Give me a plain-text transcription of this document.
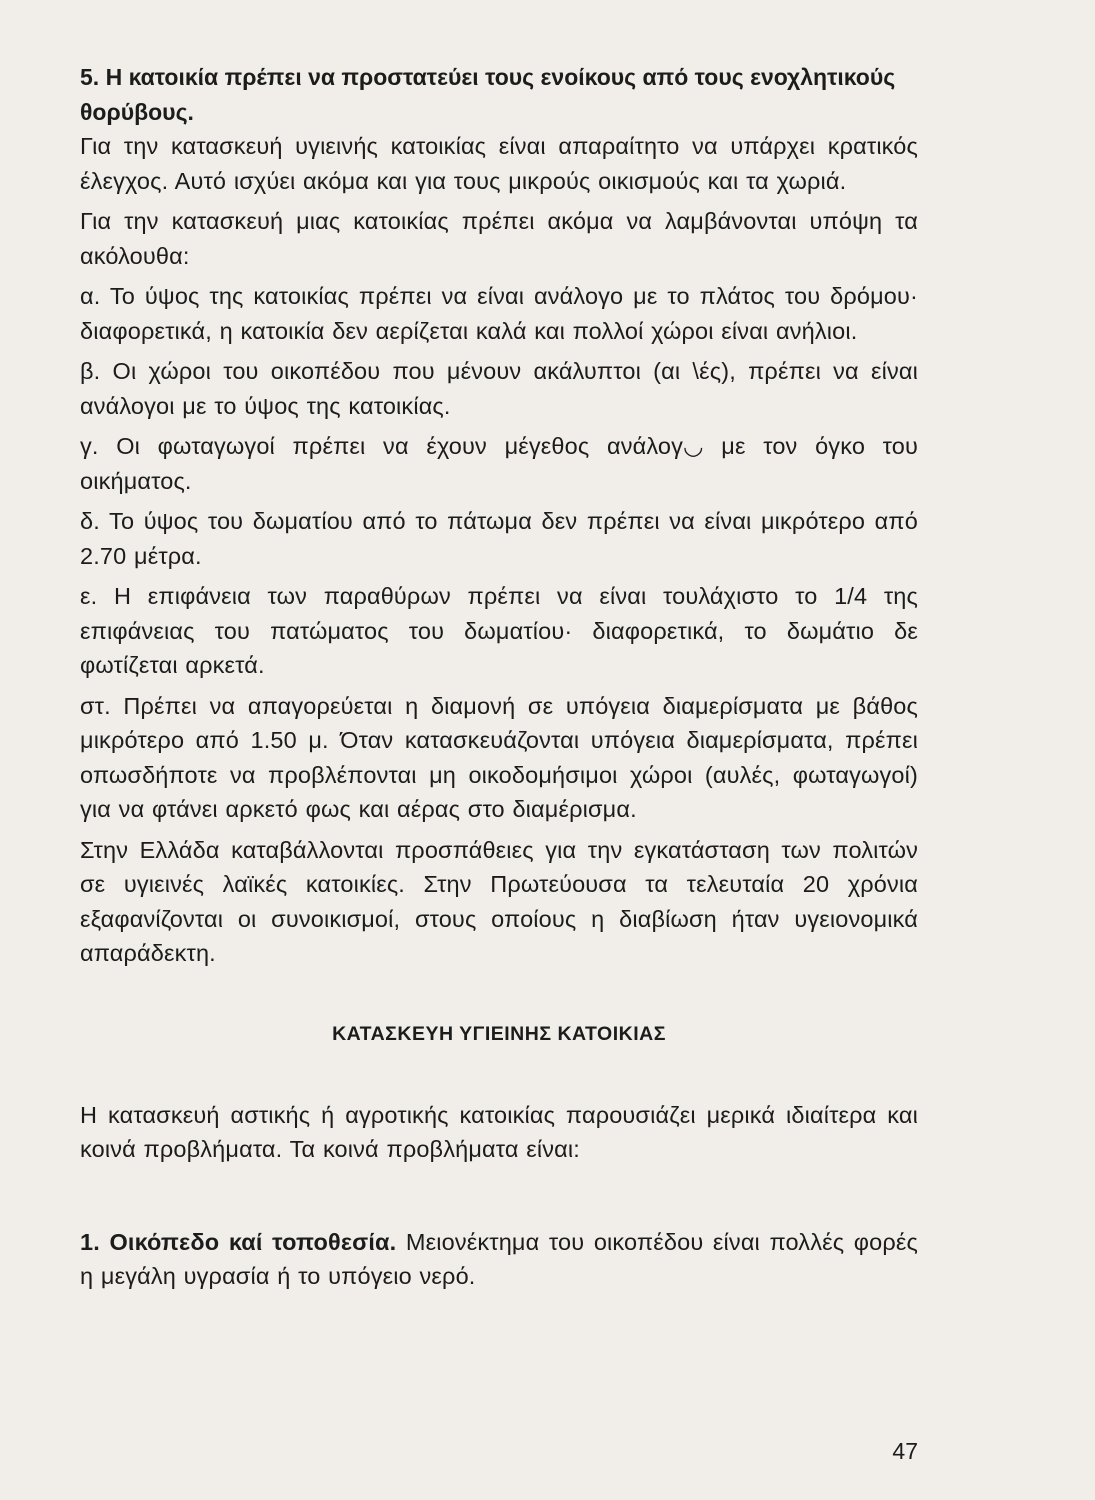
5. Η κατοικία πρέπει να προστατεύει τους ενοίκους από τους ενοχλητικούς θορύβους.

Για την κατασκευή υγιεινής κατοικίας είναι απαραίτητο να υπάρχει κρατικός έλεγχος. Αυτό ισχύει ακόμα και για τους μικρούς οικισμούς και τα χωριά.

Για την κατασκευή μιας κατοικίας πρέπει ακόμα να λαμβάνονται υπόψη τα ακόλουθα:

α. Το ύψος της κατοικίας πρέπει να είναι ανάλογο με το πλάτος του δρόμου· διαφορετικά, η κατοικία δεν αερίζεται καλά και πολλοί χώροι είναι ανήλιοι.

β. Οι χώροι του οικοπέδου που μένουν ακάλυπτοι (αι \ές), πρέπει να είναι ανάλογοι με το ύψος της κατοικίας.

γ. Οι φωταγωγοί πρέπει να έχουν μέγεθος ανάλογ◡ με τον όγκο του οικήματος.

δ. Το ύψος του δωματίου από το πάτωμα δεν πρέπει να είναι μικρότερο από 2.70 μέτρα.

ε. Η επιφάνεια των παραθύρων πρέπει να είναι τουλάχιστο το 1/4 της επιφάνειας του πατώματος του δωματίου· διαφορετικά, το δωμάτιο δε φωτίζεται αρκετά.

στ. Πρέπει να απαγορεύεται η διαμονή σε υπόγεια διαμερίσματα με βάθος μικρότερο από 1.50 μ. Όταν κατασκευάζονται υπόγεια διαμερίσματα, πρέπει οπωσδήποτε να προβλέπονται μη οικοδομήσιμοι χώροι (αυλές, φωταγωγοί) για να φτάνει αρκετό φως και αέρας στο διαμέρισμα.

Στην Ελλάδα καταβάλλονται προσπάθειες για την εγκατάσταση των πολιτών σε υγιεινές λαϊκές κατοικίες. Στην Πρωτεύουσα τα τελευταία 20 χρόνια εξαφανίζονται οι συνοικισμοί, στους οποίους η διαβίωση ήταν υγειονομικά απαράδεκτη.

ΚΑΤΑΣΚΕΥΗ ΥΓΙΕΙΝΗΣ ΚΑΤΟΙΚΙΑΣ

Η κατασκευή αστικής ή αγροτικής κατοικίας παρουσιάζει μερικά ιδιαίτερα και κοινά προβλήματα. Τα κοινά προβλήματα είναι:

1. Οικόπεδο καί τοποθεσία. Μειονέκτημα του οικοπέδου είναι πολλές φορές η μεγάλη υγρασία ή το υπόγειο νερό.

47
